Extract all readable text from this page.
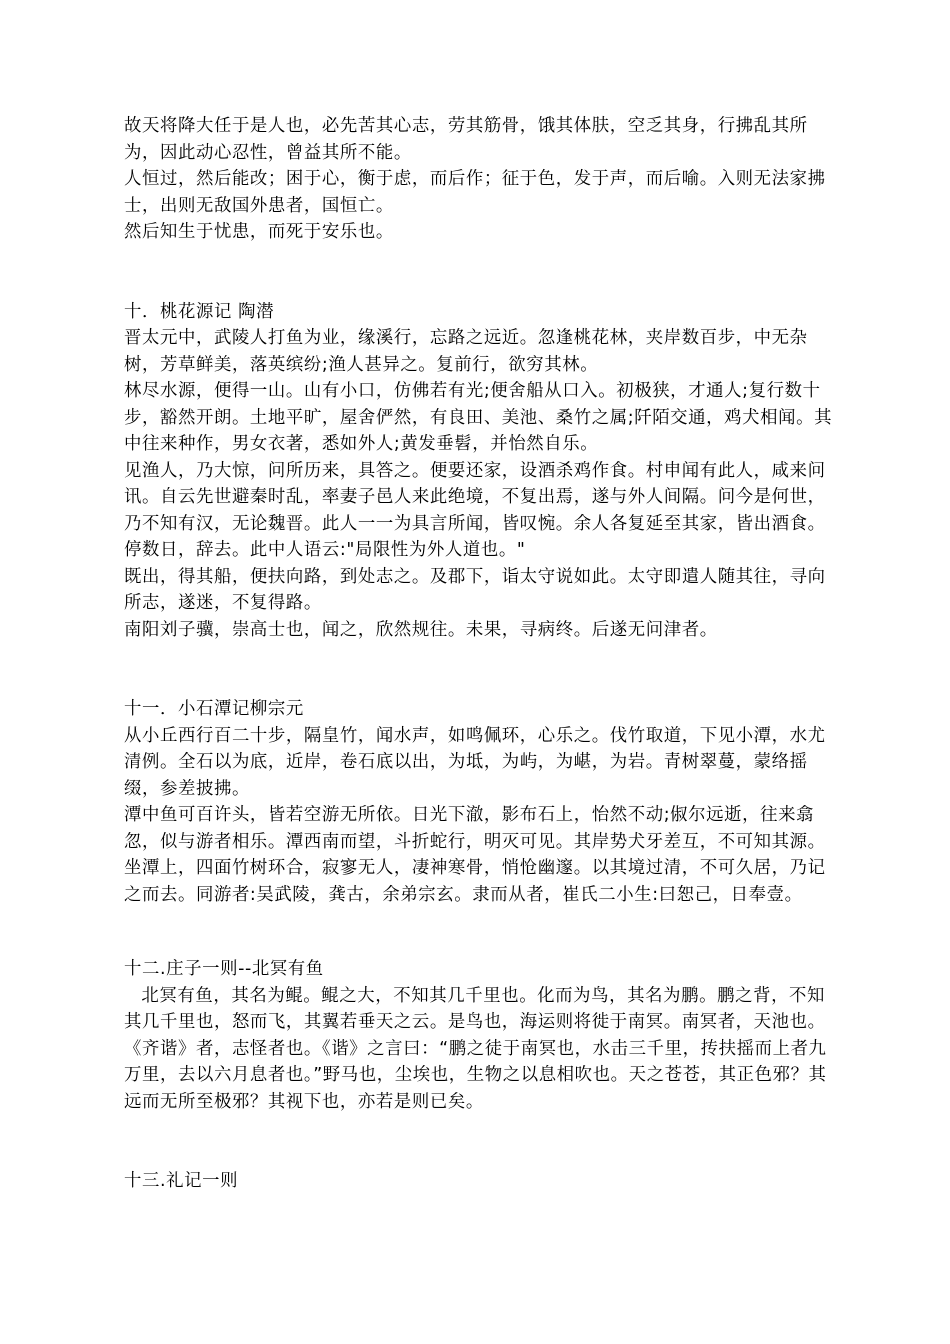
故天将降大任于是人也，必先苦其心志，劳其筋骨，饿其体肤，空乏其身，行拂乱其所为，因此动心忍性，曾益其所不能。

人恒过，然后能改；困于心，衡于虑，而后作；征于色，发于声，而后喻。入则无法家拂士，出则无敌国外患者，国恒亡。

然后知生于忧患，而死于安乐也。

十．桃花源记 陶潜

晋太元中，武陵人打鱼为业，缘溪行，忘路之远近。忽逢桃花林，夹岸数百步，中无杂树，芳草鲜美，落英缤纷;渔人甚异之。复前行，欲穷其林。

林尽水源，便得一山。山有小口，仿佛若有光;便舍船从口入。初极狭，才通人;复行数十步，豁然开朗。土地平旷，屋舍俨然，有良田、美池、桑竹之属;阡陌交通，鸡犬相闻。其中往来种作，男女衣著，悉如外人;黄发垂髫，并怡然自乐。

见渔人，乃大惊，问所历来，具答之。便要还家，设酒杀鸡作食。村申闻有此人，咸来问讯。自云先世避秦时乱，率妻子邑人来此绝境，不复出焉，遂与外人间隔。问今是何世，乃不知有汉，无论魏晋。此人一一为具言所闻，皆叹惋。余人各复延至其家，皆出酒食。停数日，辞去。此中人语云:"局限性为外人道也。"

既出，得其船，便扶向路，到处志之。及郡下，诣太守说如此。太守即遣人随其往，寻向所志，遂迷，不复得路。

南阳刘子骥，崇高士也，闻之，欣然规往。未果，寻病终。后遂无问津者。

十一．小石潭记柳宗元

从小丘西行百二十步，隔皇竹，闻水声，如鸣佩环，心乐之。伐竹取道，下见小潭，水尤清例。全石以为底，近岸，卷石底以出，为坻，为屿，为嵁，为岩。青树翠蔓，蒙络摇缀，参差披拂。

潭中鱼可百许头，皆若空游无所依。日光下澈，影布石上，怡然不动;俶尔远逝，往来翕忽，似与游者相乐。潭西南而望，斗折蛇行，明灭可见。其岸势犬牙差互，不可知其源。

坐潭上，四面竹树环合，寂寥无人，凄神寒骨，悄怆幽邃。以其境过清，不可久居，乃记之而去。同游者:吴武陵，龚古，余弟宗玄。隶而从者，崔氏二小生:曰恕己，日奉壹。

十二.庄子一则--北冥有鱼

北冥有鱼，其名为鲲。鲲之大，不知其几千里也。化而为鸟，其名为鹏。鹏之背，不知其几千里也，怒而飞，其翼若垂天之云。是鸟也，海运则将徙于南冥。南冥者，天池也。《齐谐》者，志怪者也。《谐》之言曰：“鹏之徒于南冥也，水击三千里，抟扶摇而上者九万里，去以六月息者也。”野马也，尘埃也，生物之以息相吹也。天之苍苍，其正色邪？其远而无所至极邪？其视下也，亦若是则已矣。

十三.礼记一则
